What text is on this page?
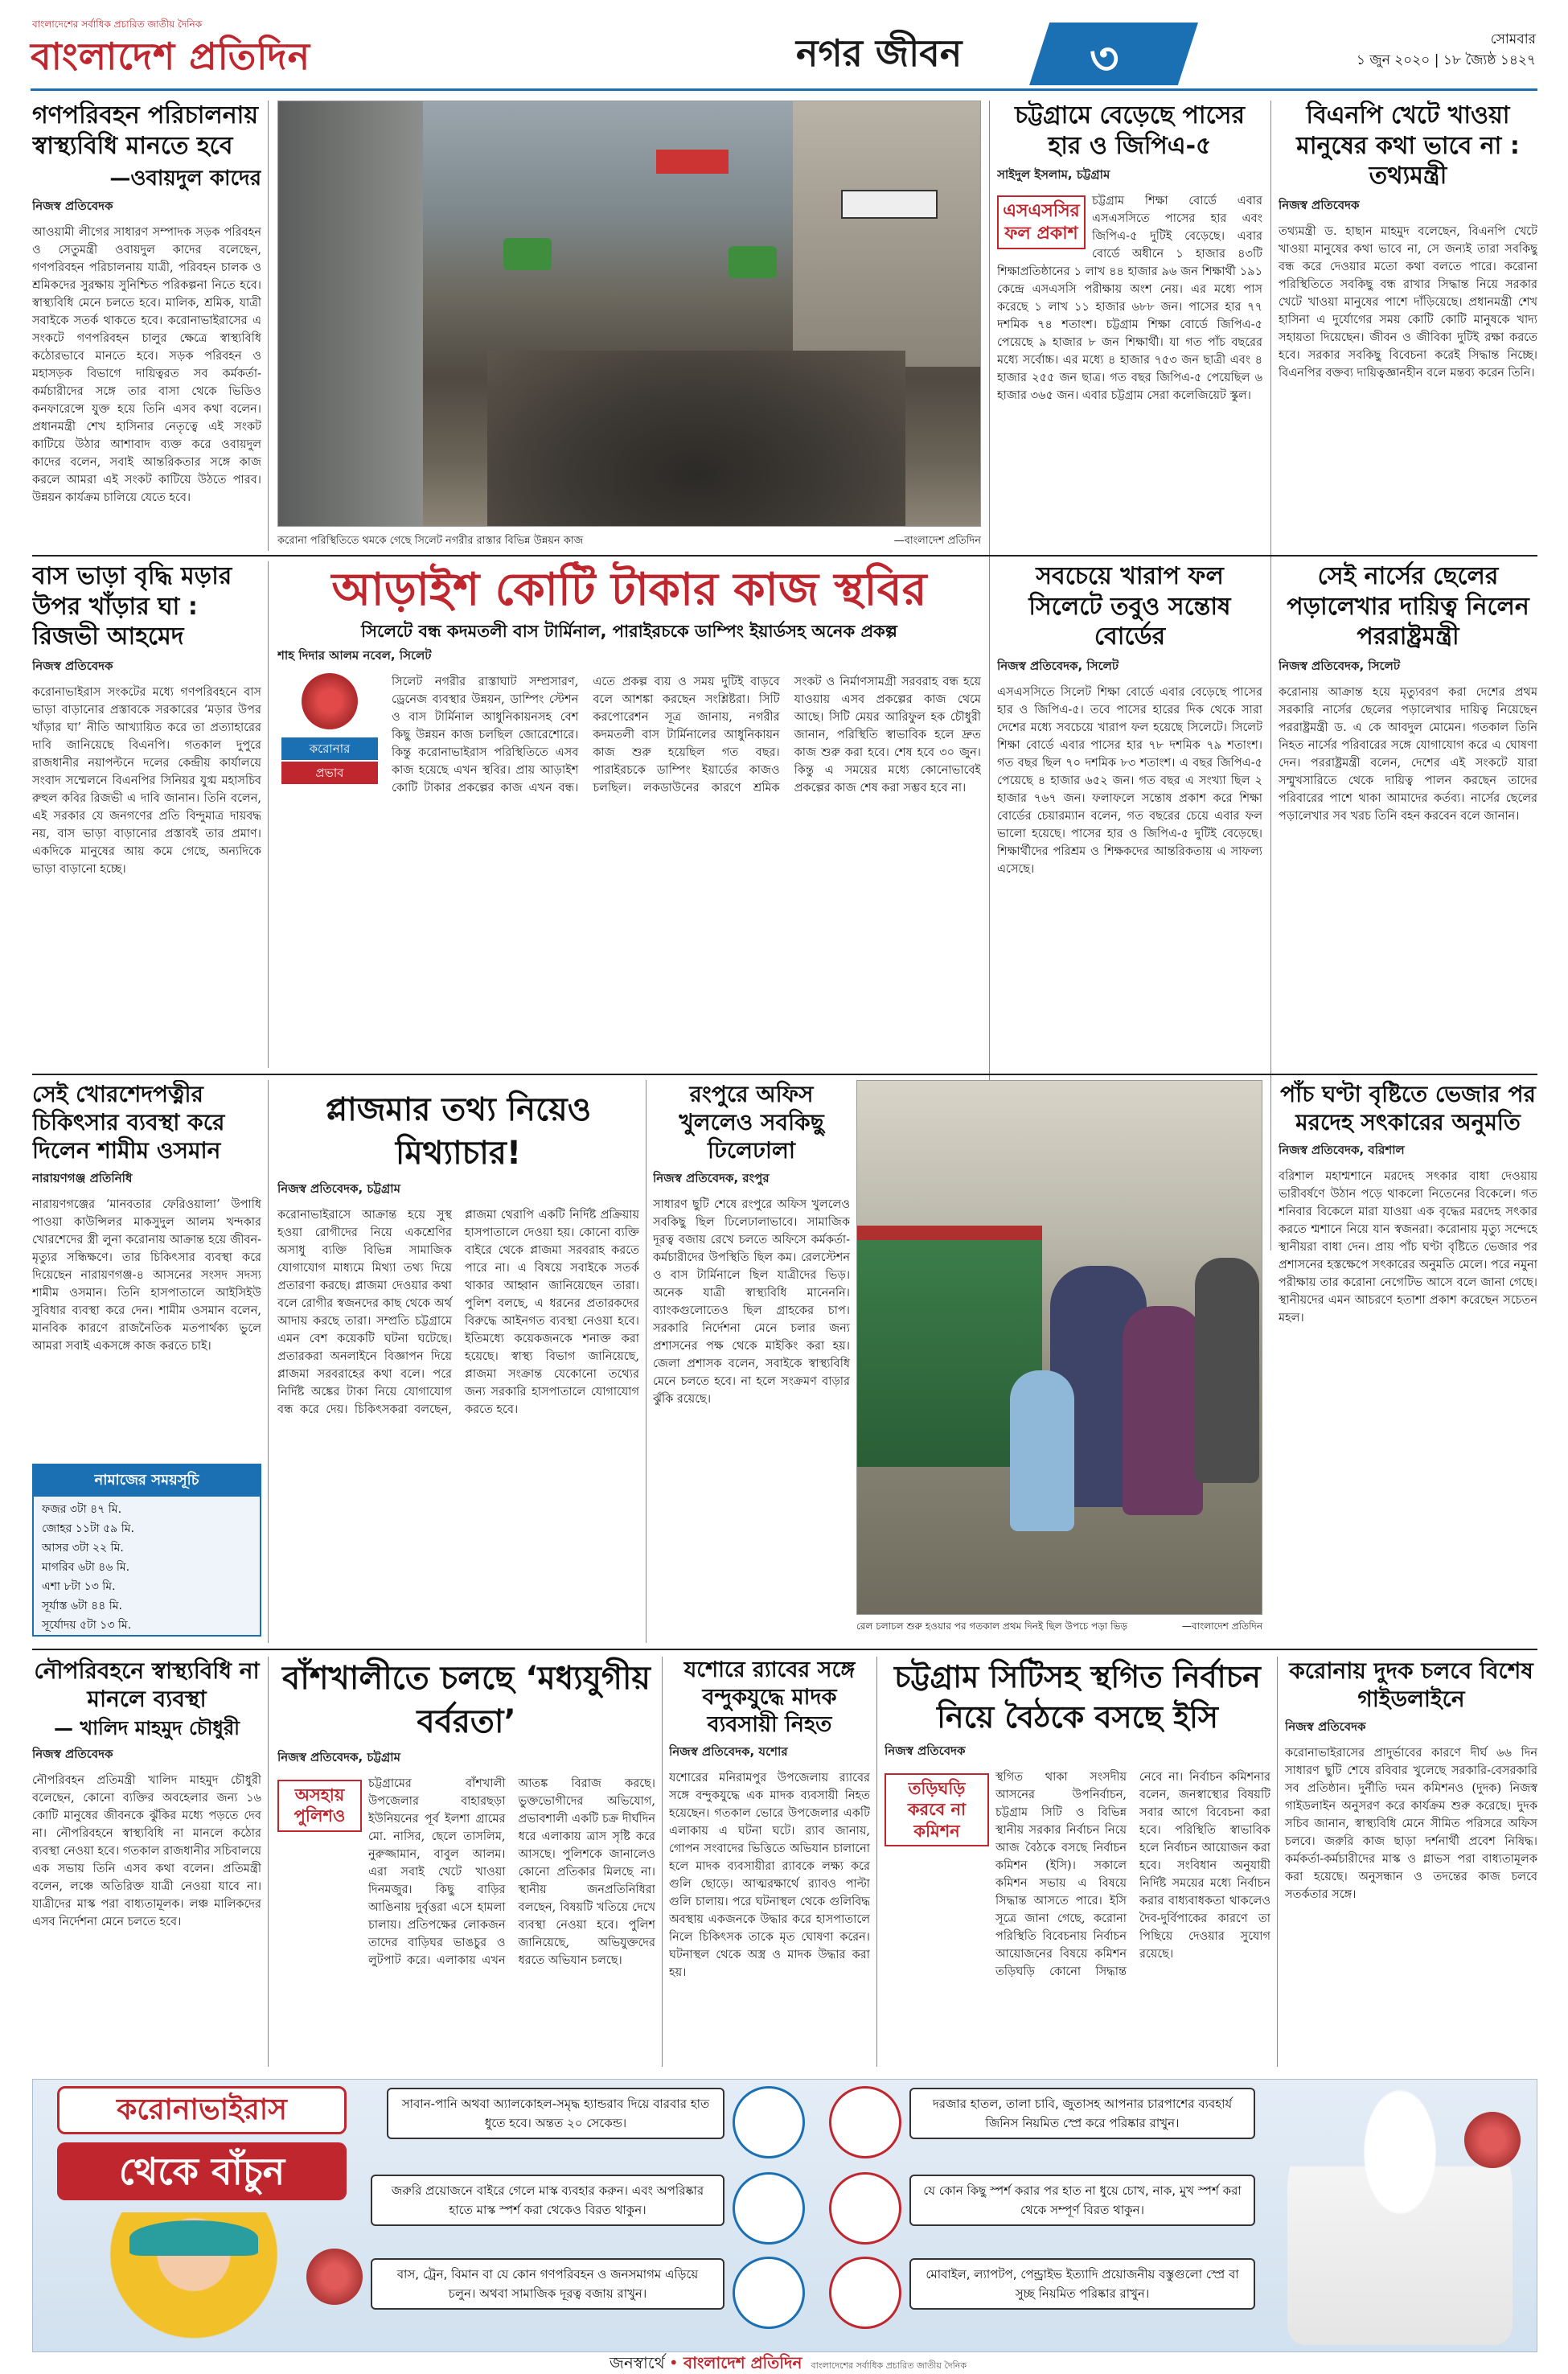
বাংলাদেশের সর্বাধিক প্রচারিত জাতীয় দৈনিক
বাংলাদেশ প্রতিদিন	নগর জীবন	৩	সোমবার
১ জুন ২০২০ | ১৮ জ্যৈষ্ঠ ১৪২৭
গণপরিবহন পরিচালনায় স্বাস্থ্যবিধি মানতে হবে
—ওবায়দুল কাদের
নিজস্ব প্রতিবেদক
আওয়ামী লীগের সাধারণ সম্পাদক সড়ক পরিবহন ও সেতুমন্ত্রী ওবায়দুল কাদের বলেছেন, গণপরিবহন পরিচালনায় যাত্রী, পরিবহন চালক ও শ্রমিকদের সুরক্ষায় সুনিশ্চিত পরিকল্পনা নিতে হবে। স্বাস্থ্যবিধি মেনে চলতে হবে। মালিক, শ্রমিক, যাত্রী সবাইকে সতর্ক থাকতে হবে। করোনাভাইরাসের এ সংকটে গণপরিবহন চালুর ক্ষেত্রে স্বাস্থ্যবিধি কঠোরভাবে মানতে হবে। সড়ক পরিবহন ও মহাসড়ক বিভাগে দায়িত্বরত সব কর্মকর্তা-কর্মচারীদের সঙ্গে তার বাসা থেকে ভিডিও কনফারেন্সে যুক্ত হয়ে তিনি এসব কথা বলেন। প্রধানমন্ত্রী শেখ হাসিনার নেতৃত্বে এই সংকট কাটিয়ে উঠার আশাবাদ ব্যক্ত করে ওবায়দুল কাদের বলেন, সবাই আন্তরিকতার সঙ্গে কাজ করলে আমরা এই সংকট কাটিয়ে উঠতে পারব। উন্নয়ন কার্যক্রম চালিয়ে যেতে হবে।
—বাংলাদেশ প্রতিদিন
করোনা পরিস্থিতিতে থমকে গেছে সিলেট নগরীর রাস্তার বিভিন্ন উন্নয়ন কাজ
চট্টগ্রামে বেড়েছে পাসের হার ও জিপিএ-৫
সাইদুল ইসলাম, চট্টগ্রাম
এসএসসির ফল প্রকাশ
চট্টগ্রাম শিক্ষা বোর্ডে এবার এসএসসিতে পাসের হার এবং জিপিএ-৫ দুটিই বেড়েছে। এবার বোর্ডে অধীনে ১ হাজার ৪৩টি শিক্ষাপ্রতিষ্ঠানের ১ লাখ ৪৪ হাজার ৯৬ জন শিক্ষার্থী ১৯১ কেন্দ্রে এসএসসি পরীক্ষায় অংশ নেয়। এর মধ্যে পাস করেছে ১ লাখ ১১ হাজার ৬৮৮ জন। পাসের হার ৭৭ দশমিক ৭৪ শতাংশ। চট্টগ্রাম শিক্ষা বোর্ডে জিপিএ-৫ পেয়েছে ৯ হাজার ৮ জন শিক্ষার্থী। যা গত পাঁচ বছরের মধ্যে সর্বোচ্চ। এর মধ্যে ৪ হাজার ৭৫৩ জন ছাত্রী এবং ৪ হাজার ২৫৫ জন ছাত্র। গত বছর জিপিএ-৫ পেয়েছিল ৬ হাজার ৩৬৫ জন। এবার চট্টগ্রাম সেরা কলেজিয়েট স্কুল।
বিএনপি খেটে খাওয়া মানুষের কথা ভাবে না : তথ্যমন্ত্রী
নিজস্ব প্রতিবেদক
তথ্যমন্ত্রী ড. হাছান মাহমুদ বলেছেন, বিএনপি খেটে খাওয়া মানুষের কথা ভাবে না, সে জন্যই তারা সবকিছু বন্ধ করে দেওয়ার মতো কথা বলতে পারে। করোনা পরিস্থিতিতে সবকিছু বন্ধ রাখার সিদ্ধান্ত নিয়ে সরকার খেটে খাওয়া মানুষের পাশে দাঁড়িয়েছে। প্রধানমন্ত্রী শেখ হাসিনা এ দুর্যোগের সময় কোটি কোটি মানুষকে খাদ্য সহায়তা দিয়েছেন। জীবন ও জীবিকা দুটিই রক্ষা করতে হবে। সরকার সবকিছু বিবেচনা করেই সিদ্ধান্ত নিচ্ছে। বিএনপির বক্তব্য দায়িত্বজ্ঞানহীন বলে মন্তব্য করেন তিনি।
বাস ভাড়া বৃদ্ধি মড়ার উপর খাঁড়ার ঘা : রিজভী আহমেদ
নিজস্ব প্রতিবেদক
করোনাভাইরাস সংকটের মধ্যে গণপরিবহনে বাস ভাড়া বাড়ানোর প্রস্তাবকে সরকারের ‘মড়ার উপর খাঁড়ার ঘা’ নীতি আখ্যায়িত করে তা প্রত্যাহারের দাবি জানিয়েছে বিএনপি। গতকাল দুপুরে রাজধানীর নয়াপল্টনে দলের কেন্দ্রীয় কার্যালয়ে সংবাদ সম্মেলনে বিএনপির সিনিয়র যুগ্ম মহাসচিব রুহুল কবির রিজভী এ দাবি জানান। তিনি বলেন, এই সরকার যে জনগণের প্রতি বিন্দুমাত্র দায়বদ্ধ নয়, বাস ভাড়া বাড়ানোর প্রস্তাবই তার প্রমাণ। একদিকে মানুষের আয় কমে গেছে, অন্যদিকে ভাড়া বাড়ানো হচ্ছে।
আড়াইশ কোটি টাকার কাজ স্থবির
সিলেটে বন্ধ কদমতলী বাস টার্মিনাল, পারাইরচকে ডাম্পিং ইয়ার্ডসহ অনেক প্রকল্প
শাহ দিদার আলম নবেল, সিলেট
করোনার
প্রভাব
সিলেট নগরীর রাস্তাঘাট সম্প্রসারণ, ড্রেনেজ ব্যবস্থার উন্নয়ন, ডাম্পিং স্টেশন ও বাস টার্মিনাল আধুনিকায়নসহ বেশ কিছু উন্নয়ন কাজ চলছিল জোরেশোরে। কিন্তু করোনাভাইরাস পরিস্থিতিতে এসব কাজ হয়েছে এখন স্থবির। প্রায় আড়াইশ কোটি টাকার প্রকল্পের কাজ এখন বন্ধ। এতে প্রকল্প ব্যয় ও সময় দুটিই বাড়বে বলে আশঙ্কা করছেন সংশ্লিষ্টরা। সিটি করপোরেশন সূত্র জানায়, নগরীর কদমতলী বাস টার্মিনালের আধুনিকায়ন কাজ শুরু হয়েছিল গত বছর। পারাইরচকে ডাম্পিং ইয়ার্ডের কাজও চলছিল। লকডাউনের কারণে শ্রমিক সংকট ও নির্মাণসামগ্রী সরবরাহ বন্ধ হয়ে যাওয়ায় এসব প্রকল্পের কাজ থেমে আছে। সিটি মেয়র আরিফুল হক চৌধুরী জানান, পরিস্থিতি স্বাভাবিক হলে দ্রুত কাজ শুরু করা হবে। শেষ হবে ৩০ জুন। কিন্তু এ সময়ের মধ্যে কোনোভাবেই প্রকল্পের কাজ শেষ করা সম্ভব হবে না।
সবচেয়ে খারাপ ফল সিলেটে তবুও সন্তোষ বোর্ডের
নিজস্ব প্রতিবেদক, সিলেট
এসএসসিতে সিলেট শিক্ষা বোর্ডে এবার বেড়েছে পাসের হার ও জিপিএ-৫। তবে পাসের হারের দিক থেকে সারা দেশের মধ্যে সবচেয়ে খারাপ ফল হয়েছে সিলেটে। সিলেট শিক্ষা বোর্ডে এবার পাসের হার ৭৮ দশমিক ৭৯ শতাংশ। গত বছর ছিল ৭০ দশমিক ৮৩ শতাংশ। এ বছর জিপিএ-৫ পেয়েছে ৪ হাজার ৬৫২ জন। গত বছর এ সংখ্যা ছিল ২ হাজার ৭৬৭ জন। ফলাফলে সন্তোষ প্রকাশ করে শিক্ষা বোর্ডের চেয়ারম্যান বলেন, গত বছরের চেয়ে এবার ফল ভালো হয়েছে। পাসের হার ও জিপিএ-৫ দুটিই বেড়েছে। শিক্ষার্থীদের পরিশ্রম ও শিক্ষকদের আন্তরিকতায় এ সাফল্য এসেছে।
সেই নার্সের ছেলের পড়ালেখার দায়িত্ব নিলেন পররাষ্ট্রমন্ত্রী
নিজস্ব প্রতিবেদক, সিলেট
করোনায় আক্রান্ত হয়ে মৃত্যুবরণ করা দেশের প্রথম সরকারি নার্সের ছেলের পড়ালেখার দায়িত্ব নিয়েছেন পররাষ্ট্রমন্ত্রী ড. এ কে আবদুল মোমেন। গতকাল তিনি নিহত নার্সের পরিবারের সঙ্গে যোগাযোগ করে এ ঘোষণা দেন। পররাষ্ট্রমন্ত্রী বলেন, দেশের এই সংকটে যারা সম্মুখসারিতে থেকে দায়িত্ব পালন করছেন তাদের পরিবারের পাশে থাকা আমাদের কর্তব্য। নার্সের ছেলের পড়ালেখার সব খরচ তিনি বহন করবেন বলে জানান।
সেই খোরশেদপত্নীর চিকিৎসার ব্যবস্থা করে দিলেন শামীম ওসমান
নারায়ণগঞ্জ প্রতিনিধি
নারায়ণগঞ্জের ‘মানবতার ফেরিওয়ালা’ উপাধি পাওয়া কাউন্সিলর মাকসুদুল আলম খন্দকার খোরশেদের স্ত্রী লুনা করোনায় আক্রান্ত হয়ে জীবন-মৃত্যুর সন্ধিক্ষণে। তার চিকিৎসার ব্যবস্থা করে দিয়েছেন নারায়ণগঞ্জ-৪ আসনের সংসদ সদস্য শামীম ওসমান। তিনি হাসপাতালে আইসিইউ সুবিধার ব্যবস্থা করে দেন। শামীম ওসমান বলেন, মানবিক কারণে রাজনৈতিক মতপার্থক্য ভুলে আমরা সবাই একসঙ্গে কাজ করতে চাই।
নামাজের সময়সূচি
ফজর ৩টা ৪৭ মি.
জোহর ১১টা ৫৯ মি.
আসর ৩টা ২২ মি.
মাগরিব ৬টা ৪৬ মি.
এশা ৮টা ১৩ মি.
সূর্যাস্ত ৬টা ৪৪ মি.
সূর্যোদয় ৫টা ১৩ মি.
প্লাজমার তথ্য নিয়েও মিথ্যাচার!
নিজস্ব প্রতিবেদক, চট্টগ্রাম
করোনাভাইরাসে আক্রান্ত হয়ে সুস্থ হওয়া রোগীদের নিয়ে একশ্রেণির অসাধু ব্যক্তি বিভিন্ন সামাজিক যোগাযোগ মাধ্যমে মিথ্যা তথ্য দিয়ে প্রতারণা করছে। প্লাজমা দেওয়ার কথা বলে রোগীর স্বজনদের কাছ থেকে অর্থ আদায় করছে তারা। সম্প্রতি চট্টগ্রামে এমন বেশ কয়েকটি ঘটনা ঘটেছে। প্রতারকরা অনলাইনে বিজ্ঞাপন দিয়ে প্লাজমা সরবরাহের কথা বলে। পরে নির্দিষ্ট অঙ্কের টাকা নিয়ে যোগাযোগ বন্ধ করে দেয়। চিকিৎসকরা বলছেন, প্লাজমা থেরাপি একটি নির্দিষ্ট প্রক্রিয়ায় হাসপাতালে দেওয়া হয়। কোনো ব্যক্তি বাইরে থেকে প্লাজমা সরবরাহ করতে পারে না। এ বিষয়ে সবাইকে সতর্ক থাকার আহ্বান জানিয়েছেন তারা। পুলিশ বলছে, এ ধরনের প্রতারকদের বিরুদ্ধে আইনগত ব্যবস্থা নেওয়া হবে। ইতিমধ্যে কয়েকজনকে শনাক্ত করা হয়েছে। স্বাস্থ্য বিভাগ জানিয়েছে, প্লাজমা সংক্রান্ত যেকোনো তথ্যের জন্য সরকারি হাসপাতালে যোগাযোগ করতে হবে।
রংপুরে অফিস খুললেও সবকিছু ঢিলেঢালা
নিজস্ব প্রতিবেদক, রংপুর
সাধারণ ছুটি শেষে রংপুরে অফিস খুললেও সবকিছু ছিল ঢিলেঢালাভাবে। সামাজিক দূরত্ব বজায় রেখে চলতে অফিসে কর্মকর্তা-কর্মচারীদের উপস্থিতি ছিল কম। রেলস্টেশন ও বাস টার্মিনালে ছিল যাত্রীদের ভিড়। অনেক যাত্রী স্বাস্থ্যবিধি মানেননি। ব্যাংকগুলোতেও ছিল গ্রাহকের চাপ। সরকারি নির্দেশনা মেনে চলার জন্য প্রশাসনের পক্ষ থেকে মাইকিং করা হয়। জেলা প্রশাসক বলেন, সবাইকে স্বাস্থ্যবিধি মেনে চলতে হবে। না হলে সংক্রমণ বাড়ার ঝুঁকি রয়েছে।
—বাংলাদেশ প্রতিদিন
রেল চলাচল শুরু হওয়ার পর গতকাল প্রথম দিনই ছিল উপচে পড়া ভিড়
পাঁচ ঘণ্টা বৃষ্টিতে ভেজার পর মরদেহ সৎকারের অনুমতি
নিজস্ব প্রতিবেদক, বরিশাল
বরিশাল মহাশ্মশানে মরদেহ সৎকার বাধা দেওয়ায় ভারীবর্ষণে উঠান পড়ে থাকলো নিতেনের বিকেলে। গত শনিবার বিকেলে মারা যাওয়া এক বৃদ্ধের মরদেহ সৎকার করতে শ্মশানে নিয়ে যান স্বজনরা। করোনায় মৃত্যু সন্দেহে স্থানীয়রা বাধা দেন। প্রায় পাঁচ ঘণ্টা বৃষ্টিতে ভেজার পর প্রশাসনের হস্তক্ষেপে সৎকারের অনুমতি মেলে। পরে নমুনা পরীক্ষায় তার করোনা নেগেটিভ আসে বলে জানা গেছে। স্থানীয়দের এমন আচরণে হতাশা প্রকাশ করেছেন সচেতন মহল।
নৌপরিবহনে স্বাস্থ্যবিধি না মানলে ব্যবস্থা
— খালিদ মাহমুদ চৌধুরী
নিজস্ব প্রতিবেদক
নৌপরিবহন প্রতিমন্ত্রী খালিদ মাহমুদ চৌধুরী বলেছেন, কোনো ব্যক্তির অবহেলার জন্য ১৬ কোটি মানুষের জীবনকে ঝুঁকির মধ্যে পড়তে দেব না। নৌপরিবহনে স্বাস্থ্যবিধি না মানলে কঠোর ব্যবস্থা নেওয়া হবে। গতকাল রাজধানীর সচিবালয়ে এক সভায় তিনি এসব কথা বলেন। প্রতিমন্ত্রী বলেন, লঞ্চে অতিরিক্ত যাত্রী নেওয়া যাবে না। যাত্রীদের মাস্ক পরা বাধ্যতামূলক। লঞ্চ মালিকদের এসব নির্দেশনা মেনে চলতে হবে।
বাঁশখালীতে চলছে ‘মধ্যযুগীয় বর্বরতা’
নিজস্ব প্রতিবেদক, চট্টগ্রাম
অসহায় পুলিশও
চট্টগ্রামের বাঁশখালী উপজেলার বাহারছড়া ইউনিয়নের পূর্ব ইলশা গ্রামের মো. নাসির, ছেলে তাসলিম, নুরুজ্জামান, বাবুল আলম। এরা সবাই খেটে খাওয়া দিনমজুর। কিছু বাড়ির আঙিনায় দুর্বৃত্তরা এসে হামলা চালায়। প্রতিপক্ষের লোকজন তাদের বাড়িঘর ভাঙচুর ও লুটপাট করে। এলাকায় এখন আতঙ্ক বিরাজ করছে। ভুক্তভোগীদের অভিযোগ, প্রভাবশালী একটি চক্র দীর্ঘদিন ধরে এলাকায় ত্রাস সৃষ্টি করে আসছে। পুলিশকে জানালেও কোনো প্রতিকার মিলছে না। স্থানীয় জনপ্রতিনিধিরা বলছেন, বিষয়টি খতিয়ে দেখে ব্যবস্থা নেওয়া হবে। পুলিশ জানিয়েছে, অভিযুক্তদের ধরতে অভিযান চলছে।
যশোরে র‍্যাবের সঙ্গে বন্দুকযুদ্ধে মাদক ব্যবসায়ী নিহত
নিজস্ব প্রতিবেদক, যশোর
যশোরের মনিরামপুর উপজেলায় র‍্যাবের সঙ্গে বন্দুকযুদ্ধে এক মাদক ব্যবসায়ী নিহত হয়েছেন। গতকাল ভোরে উপজেলার একটি এলাকায় এ ঘটনা ঘটে। র‍্যাব জানায়, গোপন সংবাদের ভিত্তিতে অভিযান চালানো হলে মাদক ব্যবসায়ীরা র‍্যাবকে লক্ষ্য করে গুলি ছোড়ে। আত্মরক্ষার্থে র‍্যাবও পাল্টা গুলি চালায়। পরে ঘটনাস্থল থেকে গুলিবিদ্ধ অবস্থায় একজনকে উদ্ধার করে হাসপাতালে নিলে চিকিৎসক তাকে মৃত ঘোষণা করেন। ঘটনাস্থল থেকে অস্ত্র ও মাদক উদ্ধার করা হয়।
চট্টগ্রাম সিটিসহ স্থগিত নির্বাচন নিয়ে বৈঠকে বসছে ইসি
নিজস্ব প্রতিবেদক
তড়িঘড়ি করবে না কমিশন
স্থগিত থাকা সংসদীয় আসনের উপনির্বাচন, চট্টগ্রাম সিটি ও বিভিন্ন স্থানীয় সরকার নির্বাচন নিয়ে আজ বৈঠকে বসছে নির্বাচন কমিশন (ইসি)। সকালে কমিশন সভায় এ বিষয়ে সিদ্ধান্ত আসতে পারে। ইসি সূত্রে জানা গেছে, করোনা পরিস্থিতি বিবেচনায় নির্বাচন আয়োজনের বিষয়ে কমিশন তড়িঘড়ি কোনো সিদ্ধান্ত নেবে না। নির্বাচন কমিশনার বলেন, জনস্বাস্থ্যের বিষয়টি সবার আগে বিবেচনা করা হবে। পরিস্থিতি স্বাভাবিক হলে নির্বাচন আয়োজন করা হবে। সংবিধান অনুযায়ী নির্দিষ্ট সময়ের মধ্যে নির্বাচন করার বাধ্যবাধকতা থাকলেও দৈব-দুর্বিপাকের কারণে তা পিছিয়ে দেওয়ার সুযোগ রয়েছে।
করোনায় দুদক চলবে বিশেষ গাইডলাইনে
নিজস্ব প্রতিবেদক
করোনাভাইরাসের প্রাদুর্ভাবের কারণে দীর্ঘ ৬৬ দিন সাধারণ ছুটি শেষে রবিবার খুলেছে সরকারি-বেসরকারি সব প্রতিষ্ঠান। দুর্নীতি দমন কমিশনও (দুদক) নিজস্ব গাইডলাইন অনুসরণ করে কার্যক্রম শুরু করেছে। দুদক সচিব জানান, স্বাস্থ্যবিধি মেনে সীমিত পরিসরে অফিস চলবে। জরুরি কাজ ছাড়া দর্শনার্থী প্রবেশ নিষিদ্ধ। কর্মকর্তা-কর্মচারীদের মাস্ক ও গ্লাভস পরা বাধ্যতামূলক করা হয়েছে। অনুসন্ধান ও তদন্তের কাজ চলবে সতর্কতার সঙ্গে।
করোনাভাইরাস
থেকে বাঁচুন
সাবান-পানি অথবা অ্যালকোহল-সমৃদ্ধ হ্যান্ডরাব দিয়ে বারবার হাত ধুতে হবে। অন্তত ২০ সেকেন্ড।
দরজার হাতল, তালা চাবি, জুতাসহ আপনার চারপাশের ব্যবহার্য জিনিস নিয়মিত স্প্রে করে পরিষ্কার রাখুন।
জরুরি প্রয়োজনে বাইরে গেলে মাস্ক ব্যবহার করুন। এবং অপরিষ্কার হাতে মাস্ক স্পর্শ করা থেকেও বিরত থাকুন।
যে কোন কিছু স্পর্শ করার পর হাত না ধুয়ে চোখ, নাক, মুখ স্পর্শ করা থেকে সম্পূর্ণ বিরত থাকুন।
বাস, ট্রেন, বিমান বা যে কোন গণপরিবহন ও জনসমাগম এড়িয়ে চলুন। অথবা সামাজিক দূরত্ব বজায় রাখুন।
মোবাইল, ল্যাপটপ, পেন্ড্রাইভ ইত্যাদি প্রয়োজনীয় বস্তুগুলো স্প্রে বা সুচ্ছ নিয়মিত পরিষ্কার রাখুন।
জনস্বার্থে • বাংলাদেশ প্রতিদিন বাংলাদেশের সর্বাধিক প্রচারিত জাতীয় দৈনিক
